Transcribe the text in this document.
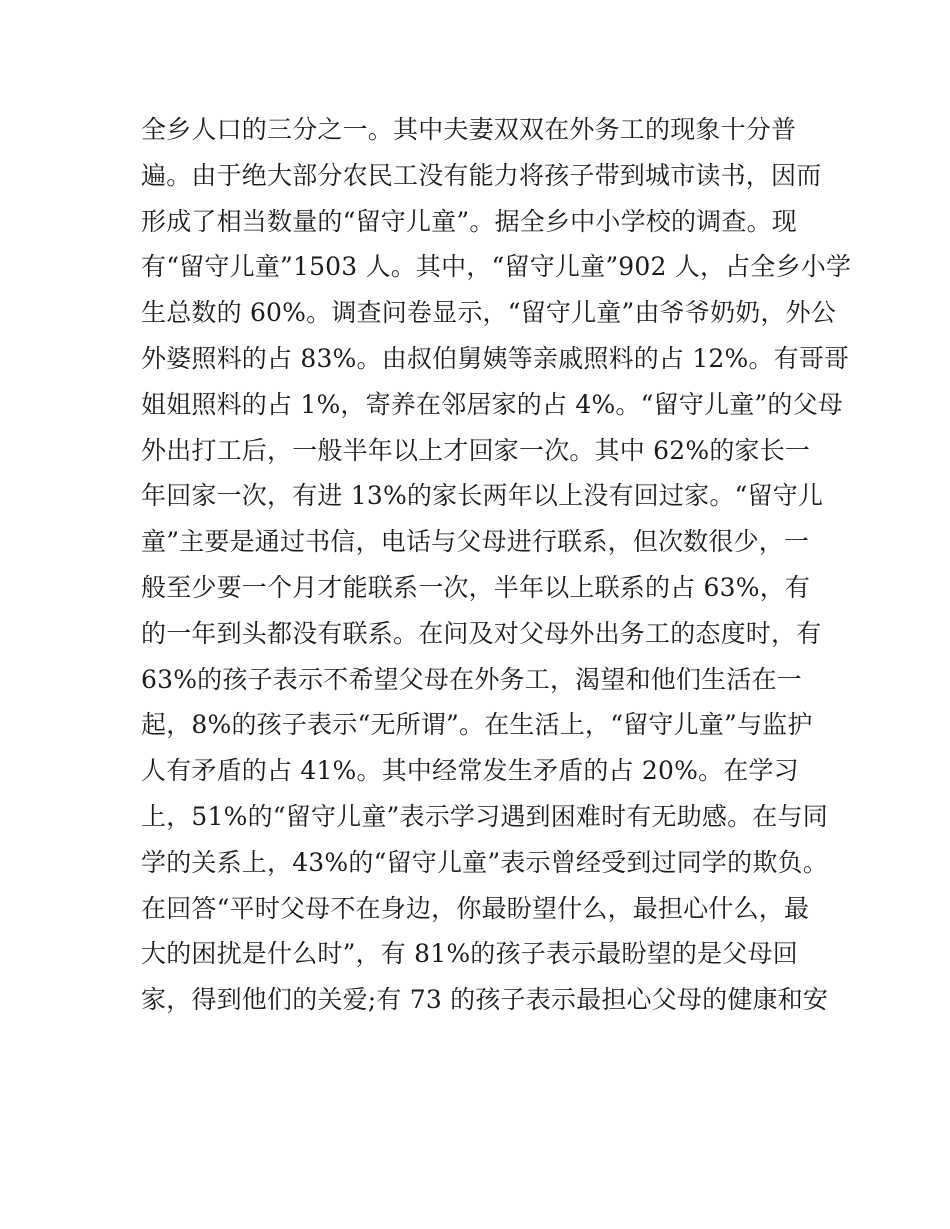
全乡人口的三分之一。其中夫妻双双在外务工的现象十分普
遍。由于绝大部分农民工没有能力将孩子带到城市读书，因而
形成了相当数量的“留守儿童”。据全乡中小学校的调查。现
有“留守儿童”1503 人。其中，“留守儿童”902 人，占全乡小学
生总数的 60%。调查问卷显示，“留守儿童”由爷爷奶奶，外公
外婆照料的占 83%。由叔伯舅姨等亲戚照料的占 12%。有哥哥
姐姐照料的占 1%，寄养在邻居家的占 4%。“留守儿童”的父母
外出打工后，一般半年以上才回家一次。其中 62%的家长一
年回家一次，有进 13%的家长两年以上没有回过家。“留守儿
童”主要是通过书信，电话与父母进行联系，但次数很少，一
般至少要一个月才能联系一次，半年以上联系的占 63%，有
的一年到头都没有联系。在问及对父母外出务工的态度时，有
63%的孩子表示不希望父母在外务工，渴望和他们生活在一
起，8%的孩子表示“无所谓”。在生活上，“留守儿童”与监护
人有矛盾的占 41%。其中经常发生矛盾的占 20%。在学习
上，51%的“留守儿童”表示学习遇到困难时有无助感。在与同
学的关系上，43%的“留守儿童”表示曾经受到过同学的欺负。
在回答“平时父母不在身边，你最盼望什么，最担心什么，最
大的困扰是什么时”，有 81%的孩子表示最盼望的是父母回
家，得到他们的关爱;有 73 的孩子表示最担心父母的健康和安
